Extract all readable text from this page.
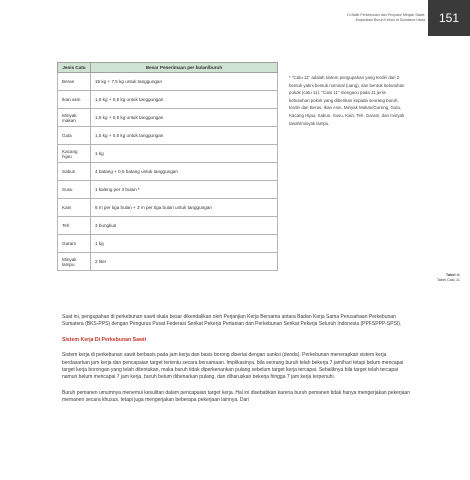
Di Balik Perkebunan dan Penyalur Minyak Sawit:
Eksploitasi Buruh Kebun di Sumatera Utara	151
Jenis Catu	Besar Penerimaan per bulan/buruh
Beras	15 kg + 7,5 kg untuk tanggungan
Ikan asin	1,5 kg + 0,5 kg untuk tanggungan
Minyak makan	1,5 kg + 0,5 kg untuk tanggungan
Gula	1,5 kg + 0,5 kg untuk tanggungan
Kacang hijau	1 kg
Sabun	4 batang + 0,5 batang untuk tanggungan
Susu	1 kaleng per 3 bulan *
Kain	6 m per tiga bulan + 3 m per tiga bulan untuk tanggungan
Teh	3 bungkus
Garam	1 kg
Minyak lampu	2 liter
* "Catu 11" adalah sistem pengupahan yang terdiri dari 2 bentuk yakni bentuk nominal (uang), dan bentuk kebutuhan pokok (catu 11). "Catu 11" mengacu pada 11 jenis kebutuhan pokok yang diberikan kepada seorang buruh, terdiri dari Beras, Ikan Asin, Minyak Makan/Goreng, Gula, Kacang Hijau, Sabun, Susu, Kain, Teh, Garam, dan minyak tanah/minyak lampu.
Tabel 4:
Tabel Catu 11

Saat ini, pengupahan di perkebunan sawit skala besar dikendalikan oleh Perjanjian Kerja Bersama antara Badan Kerja Sama Perusahaan Perkebunan Sumatera (BKS-PPS) dengan Pengurus Pusat Federasi Serikat Pekerja Pertanian dan Perkebunan Serikat Pekerja Seluruh Indonesia (PPFSPPP-SPSI).

Sistem Kerja Di Perkebunan Sawit

Sistem kerja di perkebunan sawit berbasis pada jam kerja dan basis borong disertai dengan sanksi (denda). Perkebunan menerapkan sistem kerja berdasarkan jam kerja dan pencapaian target tertentu secara bersamaan. Implikasinya, bila seorang buruh telah bekerja 7 jam/hari tetapi belum mencapai target kerja borongan yang telah ditentukan, maka buruh tidak diperkenankan pulang sebelum target kerja tercapai. Sebaliknya bila target telah tercapai namun belum mencapai 7 jam kerja, buruh belum dibenarkan pulang, dan diharuskan bekerja hingga 7 jam kerja terpenuhi.

Buruh pemanen umumnya menemui kesulitan dalam pencapaian target kerja. Hal ini disebabkan karena buruh pemanen tidak hanya mengerjakan pekerjaan memanen secara khusus, tetapi juga mengerjakan beberapa pekerjaan lainnya. Dari
